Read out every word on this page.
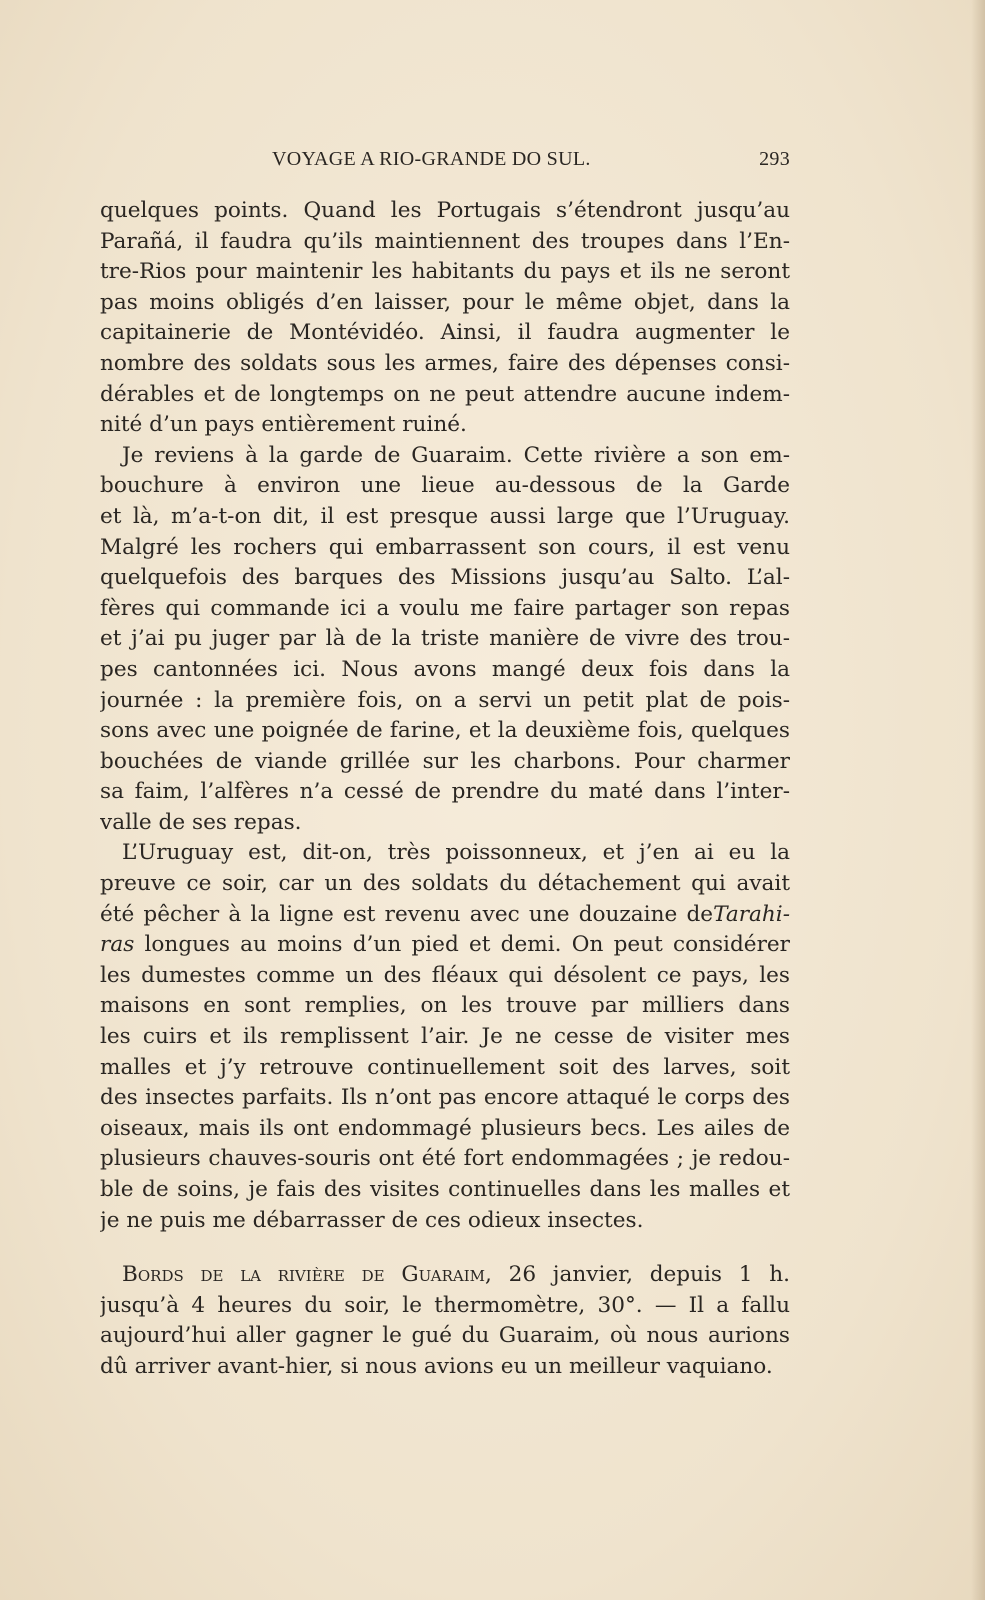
VOYAGE A RIO-GRANDE DO SUL.	293
quelques points. Quand les Portugais s’étendront jusqu’au
Parañá, il faudra qu’ils maintiennent des troupes dans l’En-
tre-Rios pour maintenir les habitants du pays et ils ne seront
pas moins obligés d’en laisser, pour le même objet, dans la
capitainerie de Montévidéo. Ainsi, il faudra augmenter le
nombre des soldats sous les armes, faire des dépenses consi-
dérables et de longtemps on ne peut attendre aucune indem-
nité d’un pays entièrement ruiné.
Je reviens à la garde de Guaraim. Cette rivière a son em-
bouchure à environ une lieue au-dessous de la Garde
et là, m’a-t-on dit, il est presque aussi large que l’Uruguay.
Malgré les rochers qui embarrassent son cours, il est venu
quelquefois des barques des Missions jusqu’au Salto. L’al-
fères qui commande ici a voulu me faire partager son repas
et j’ai pu juger par là de la triste manière de vivre des trou-
pes cantonnées ici. Nous avons mangé deux fois dans la
journée : la première fois, on a servi un petit plat de pois-
sons avec une poignée de farine, et la deuxième fois, quelques
bouchées de viande grillée sur les charbons. Pour charmer
sa faim, l’alfères n’a cessé de prendre du maté dans l’inter-
valle de ses repas.
L’Uruguay est, dit-on, très poissonneux, et j’en ai eu la
preuve ce soir, car un des soldats du détachement qui avait
été pêcher à la ligne est revenu avec une douzaine deTarahi-
ras longues au moins d’un pied et demi. On peut considérer
les dumestes comme un des fléaux qui désolent ce pays, les
maisons en sont remplies, on les trouve par milliers dans
les cuirs et ils remplissent l’air. Je ne cesse de visiter mes
malles et j’y retrouve continuellement soit des larves, soit
des insectes parfaits. Ils n’ont pas encore attaqué le corps des
oiseaux, mais ils ont endommagé plusieurs becs. Les ailes de
plusieurs chauves-souris ont été fort endommagées ; je redou-
ble de soins, je fais des visites continuelles dans les malles et
je ne puis me débarrasser de ces odieux insectes.
Bords de la rivière de Guaraim, 26 janvier, depuis 1 h.
jusqu’à 4 heures du soir, le thermomètre, 30°. — Il a fallu
aujourd’hui aller gagner le gué du Guaraim, où nous aurions
dû arriver avant-hier, si nous avions eu un meilleur vaquiano.
